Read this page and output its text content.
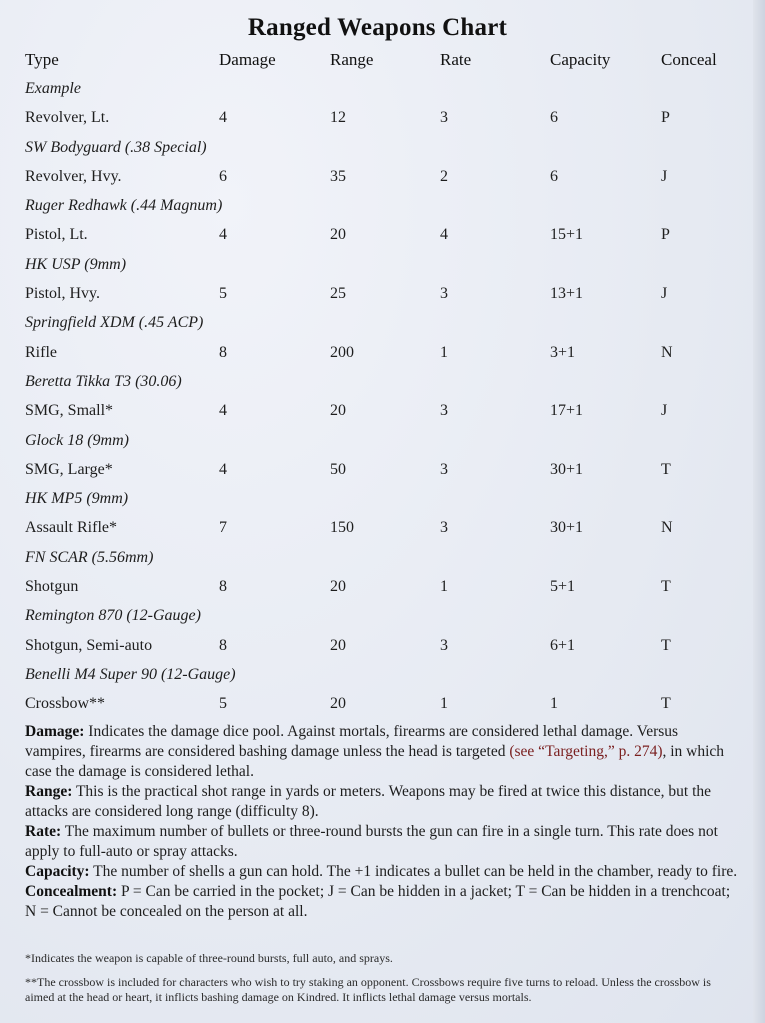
Ranged Weapons Chart
Type	Damage	Range	Rate	Capacity	Conceal
Example
Revolver, Lt.	4	12	3	6	P
SW Bodyguard (.38 Special)
Revolver, Hvy.	6	35	2	6	J
Ruger Redhawk (.44 Magnum)
Pistol, Lt.	4	20	4	15+1	P
HK USP (9mm)
Pistol, Hvy.	5	25	3	13+1	J
Springfield XDM (.45 ACP)
Rifle	8	200	1	3+1	N
Beretta Tikka T3 (30.06)
SMG, Small*	4	20	3	17+1	J
Glock 18 (9mm)
SMG, Large*	4	50	3	30+1	T
HK MP5 (9mm)
Assault Rifle*	7	150	3	30+1	N
FN SCAR (5.56mm)
Shotgun	8	20	1	5+1	T
Remington 870 (12-Gauge)
Shotgun, Semi-auto	8	20	3	6+1	T
Benelli M4 Super 90 (12-Gauge)
Crossbow**	5	20	1	1	T

Damage: Indicates the damage dice pool. Against mortals, firearms are considered lethal damage. Versus vampires, firearms are considered bashing damage unless the head is targeted (see “Targeting,” p. 274), in which case the damage is considered lethal.

Range: This is the practical shot range in yards or meters. Weapons may be fired at twice this distance, but the attacks are considered long range (difficulty 8).

Rate: The maximum number of bullets or three-round bursts the gun can fire in a single turn. This rate does not apply to full-auto or spray attacks.

Capacity: The number of shells a gun can hold. The +1 indicates a bullet can be held in the chamber, ready to fire.

Concealment: P = Can be carried in the pocket; J = Can be hidden in a jacket; T = Can be hidden in a trenchcoat; N = Cannot be concealed on the person at all.

*Indicates the weapon is capable of three-round bursts, full auto, and sprays.
**The crossbow is included for characters who wish to try staking an opponent. Crossbows require five turns to reload. Unless the crossbow is aimed at the head or heart, it inflicts bashing damage on Kindred. It inflicts lethal damage versus mortals.
